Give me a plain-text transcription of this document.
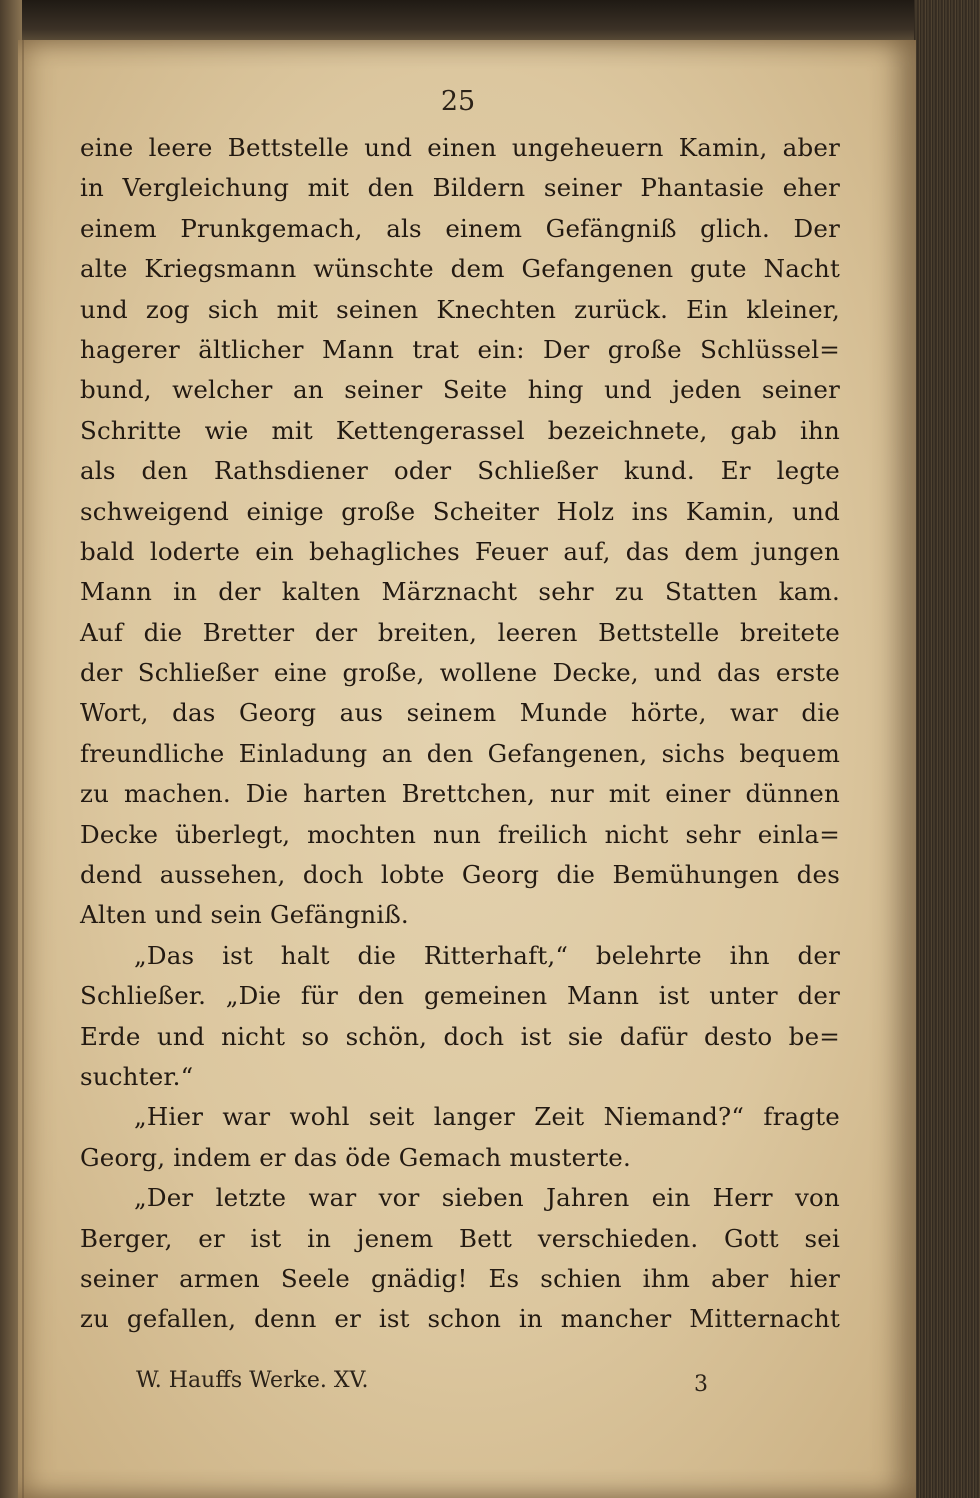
25
eine leere Bettstelle und einen ungeheuern Kamin, aber
in Vergleichung mit den Bildern seiner Phantasie eher
einem Prunkgemach, als einem Gefängniß glich. Der
alte Kriegsmann wünschte dem Gefangenen gute Nacht
und zog sich mit seinen Knechten zurück. Ein kleiner,
hagerer ältlicher Mann trat ein: Der große Schlüssel=
bund, welcher an seiner Seite hing und jeden seiner
Schritte wie mit Kettengerassel bezeichnete, gab ihn
als den Rathsdiener oder Schließer kund. Er legte
schweigend einige große Scheiter Holz ins Kamin, und
bald loderte ein behagliches Feuer auf, das dem jungen
Mann in der kalten Märznacht sehr zu Statten kam.
Auf die Bretter der breiten, leeren Bettstelle breitete
der Schließer eine große, wollene Decke, und das erste
Wort, das Georg aus seinem Munde hörte, war die
freundliche Einladung an den Gefangenen, sichs bequem
zu machen. Die harten Brettchen, nur mit einer dünnen
Decke überlegt, mochten nun freilich nicht sehr einla=
dend aussehen, doch lobte Georg die Bemühungen des
Alten und sein Gefängniß.
„Das ist halt die Ritterhaft,“ belehrte ihn der
Schließer. „Die für den gemeinen Mann ist unter der
Erde und nicht so schön, doch ist sie dafür desto be=
suchter.“
„Hier war wohl seit langer Zeit Niemand?“ fragte
Georg, indem er das öde Gemach musterte.
„Der letzte war vor sieben Jahren ein Herr von
Berger, er ist in jenem Bett verschieden. Gott sei
seiner armen Seele gnädig! Es schien ihm aber hier
zu gefallen, denn er ist schon in mancher Mitternacht
W. Hauffs Werke. XV.	3
